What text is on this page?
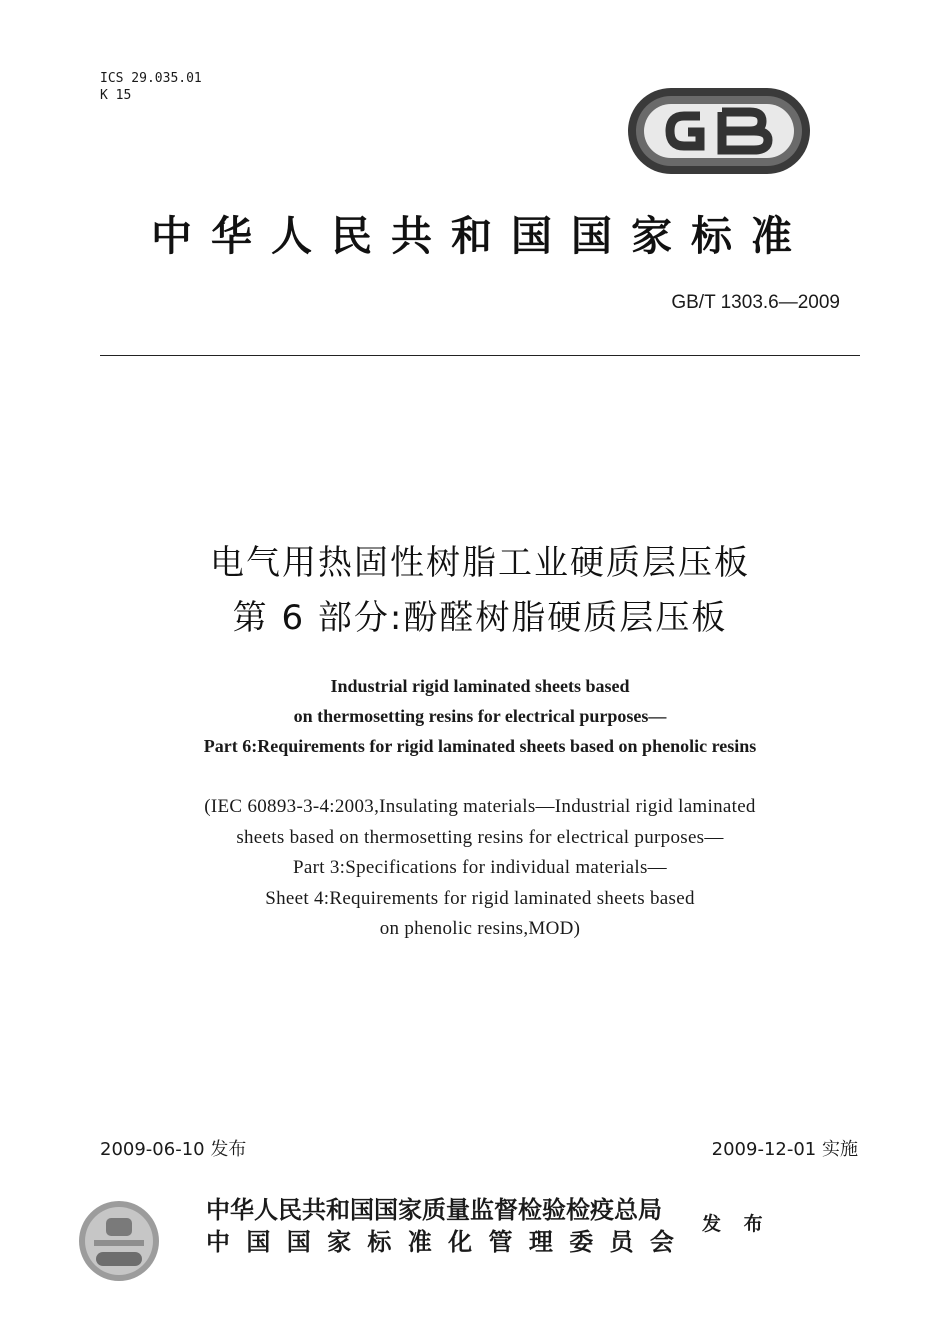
ICS 29.035.01
K 15
中华人民共和国国家标准
GB/T 1303.6—2009
电气用热固性树脂工业硬质层压板
第 6 部分:酚醛树脂硬质层压板
Industrial rigid laminated sheets based
on thermosetting resins for electrical purposes—
Part 6:Requirements for rigid laminated sheets based on phenolic resins
(IEC 60893-3-4:2003,Insulating materials—Industrial rigid laminated
sheets based on thermosetting resins for electrical purposes—
Part 3:Specifications for individual materials—
Sheet 4:Requirements for rigid laminated sheets based
on phenolic resins,MOD)
2009-06-10 发布	2009-12-01 实施
中华人民共和国国家质量监督检验检疫总局
中 国 国 家 标 准 化 管 理 委 员 会
发 布
